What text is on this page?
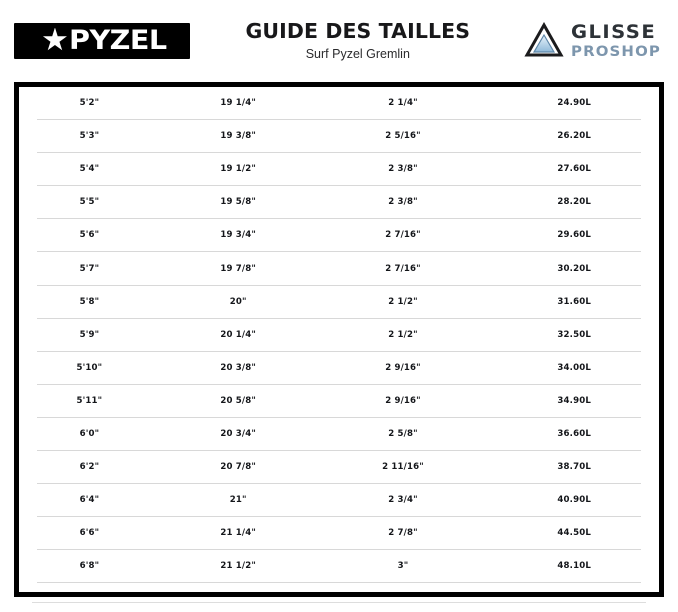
PYZEL	GUIDE DES TAILLES
Surf Pyzel Gremlin
GLISSE
PROSHOP
5'2"	19 1/4"	2 1/4"	24.90L
5'3"	19 3/8"	2 5/16"	26.20L
5'4"	19 1/2"	2 3/8"	27.60L
5'5"	19 5/8"	2 3/8"	28.20L
5'6"	19 3/4"	2 7/16"	29.60L
5'7"	19 7/8"	2 7/16"	30.20L
5'8"	20"	2 1/2"	31.60L
5'9"	20 1/4"	2 1/2"	32.50L
5'10"	20 3/8"	2 9/16"	34.00L
5'11"	20 5/8"	2 9/16"	34.90L
6'0"	20 3/4"	2 5/8"	36.60L
6'2"	20 7/8"	2 11/16"	38.70L
6'4"	21"	2 3/4"	40.90L
6'6"	21 1/4"	2 7/8"	44.50L
6'8"	21 1/2"	3"	48.10L
